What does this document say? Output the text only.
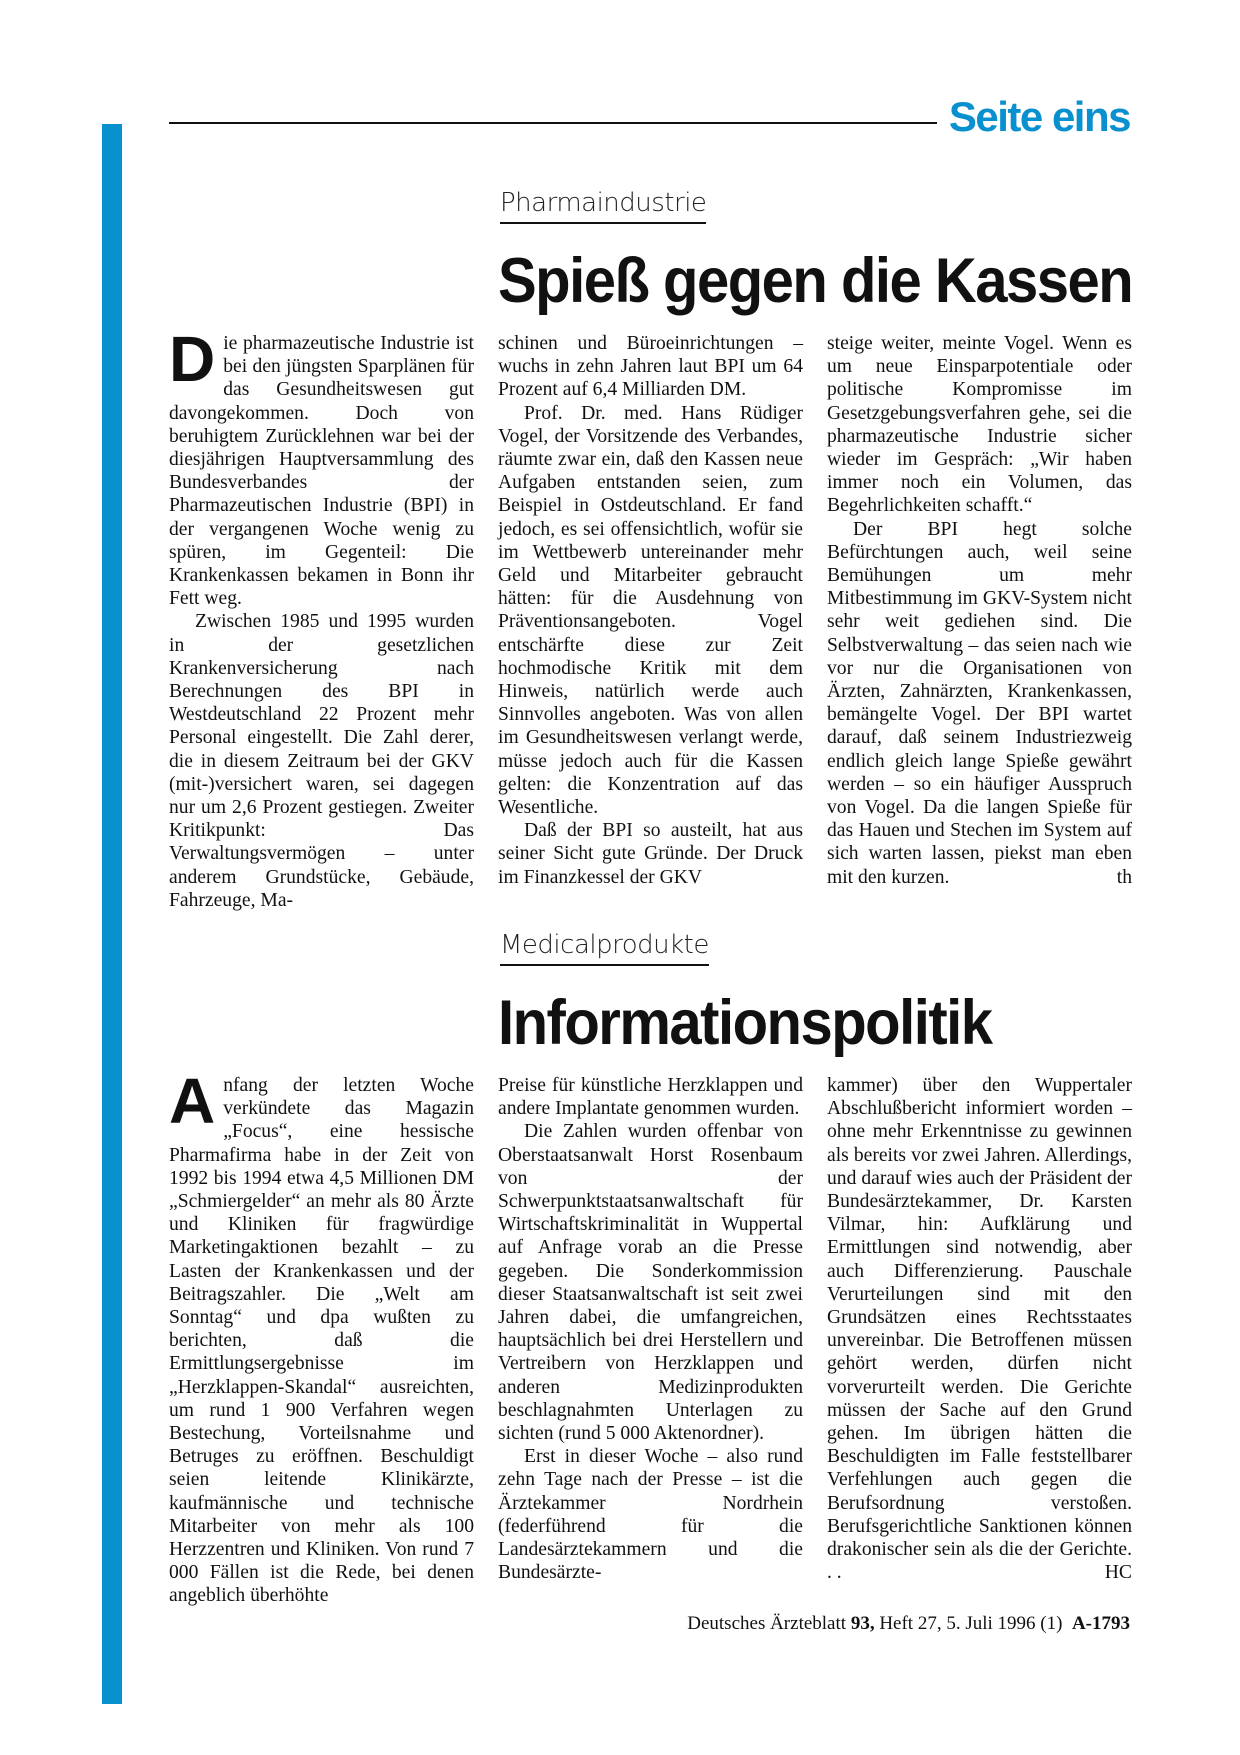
Seite eins
Pharmaindustrie
Spieß gegen die Kassen
D ie pharmazeutische Industrie ist bei den jüngsten Sparplänen für das Gesundheitswesen gut davongekommen. Doch von beruhigtem Zurücklehnen war bei der diesjährigen Hauptversammlung des Bundesverbandes der Pharmazeutischen Industrie (BPI) in der vergangenen Woche wenig zu spüren, im Gegenteil: Die Krankenkassen bekamen in Bonn ihr Fett weg.

Zwischen 1985 und 1995 wurden in der gesetzlichen Krankenversicherung nach Berechnungen des BPI in Westdeutschland 22 Prozent mehr Personal eingestellt. Die Zahl derer, die in diesem Zeitraum bei der GKV (mit-)versichert waren, sei dagegen nur um 2,6 Prozent gestiegen. Zweiter Kritikpunkt: Das Verwaltungsvermögen – unter anderem Grundstücke, Gebäude, Fahrzeuge, Ma-

schinen und Büroeinrichtungen – wuchs in zehn Jahren laut BPI um 64 Prozent auf 6,4 Milliarden DM.

Prof. Dr. med. Hans Rüdiger Vogel, der Vorsitzende des Verbandes, räumte zwar ein, daß den Kassen neue Aufgaben entstanden seien, zum Beispiel in Ostdeutschland. Er fand jedoch, es sei offensichtlich, wofür sie im Wettbewerb untereinander mehr Geld und Mitarbeiter gebraucht hätten: für die Ausdehnung von Präventionsangeboten. Vogel entschärfte diese zur Zeit hochmodische Kritik mit dem Hinweis, natürlich werde auch Sinnvolles angeboten. Was von allen im Gesundheitswesen verlangt werde, müsse jedoch auch für die Kassen gelten: die Konzentration auf das Wesentliche.

Daß der BPI so austeilt, hat aus seiner Sicht gute Gründe. Der Druck im Finanzkessel der GKV

steige weiter, meinte Vogel. Wenn es um neue Einsparpotentiale oder politische Kompromisse im Gesetzgebungsverfahren gehe, sei die pharmazeutische Industrie sicher wieder im Gespräch: „Wir haben immer noch ein Volumen, das Begehrlichkeiten schafft.“

Der BPI hegt solche Befürchtungen auch, weil seine Bemühungen um mehr Mitbestimmung im GKV-System nicht sehr weit gediehen sind. Die Selbstverwaltung – das seien nach wie vor nur die Organisationen von Ärzten, Zahnärzten, Krankenkassen, bemängelte Vogel. Der BPI wartet darauf, daß seinem Industriezweig endlich gleich lange Spieße gewährt werden – so ein häufiger Ausspruch von Vogel. Da die langen Spieße für das Hauen und Stechen im System auf sich warten lassen, piekst man eben mit den kurzen.	th

Medicalprodukte
Informationspolitik
A nfang der letzten Woche verkündete das Magazin „Focus“, eine hessische Pharmafirma habe in der Zeit von 1992 bis 1994 etwa 4,5 Millionen DM „Schmiergelder“ an mehr als 80 Ärzte und Kliniken für fragwürdige Marketingaktionen bezahlt – zu Lasten der Krankenkassen und der Beitragszahler. Die „Welt am Sonntag“ und dpa wußten zu berichten, daß die Ermittlungsergebnisse im „Herzklappen-Skandal“ ausreichten, um rund 1 900 Verfahren wegen Bestechung, Vorteilsnahme und Betruges zu eröffnen. Beschuldigt seien leitende Klinikärzte, kaufmännische und technische Mitarbeiter von mehr als 100 Herzzentren und Kliniken. Von rund 7 000 Fällen ist die Rede, bei denen angeblich überhöhte

Preise für künstliche Herzklappen und andere Implantate genommen wurden.

Die Zahlen wurden offenbar von Oberstaatsanwalt Horst Rosenbaum von der Schwerpunktstaatsanwaltschaft für Wirtschaftskriminalität in Wuppertal auf Anfrage vorab an die Presse gegeben. Die Sonderkommission dieser Staatsanwaltschaft ist seit zwei Jahren dabei, die umfangreichen, hauptsächlich bei drei Herstellern und Vertreibern von Herzklappen und anderen Medizinprodukten beschlagnahmten Unterlagen zu sichten (rund 5 000 Aktenordner).

Erst in dieser Woche – also rund zehn Tage nach der Presse – ist die Ärztekammer Nordrhein (federführend für die Landesärztekammern und die Bundesärzte-

kammer) über den Wuppertaler Abschlußbericht informiert worden – ohne mehr Erkenntnisse zu gewinnen als bereits vor zwei Jahren. Allerdings, und darauf wies auch der Präsident der Bundesärztekammer, Dr. Karsten Vilmar, hin: Aufklärung und Ermittlungen sind notwendig, aber auch Differenzierung. Pauschale Verurteilungen sind mit den Grundsätzen eines Rechtsstaates unvereinbar. Die Betroffenen müssen gehört werden, dürfen nicht vorverurteilt werden. Die Gerichte müssen der Sache auf den Grund gehen. Im übrigen hätten die Beschuldigten im Falle feststellbarer Verfehlungen auch gegen die Berufsordnung verstoßen. Berufsgerichtliche Sanktionen können drakonischer sein als die der Gerichte. . .	HC

Deutsches Ärzteblatt 93, Heft 27, 5. Juli 1996 (1) A-1793
